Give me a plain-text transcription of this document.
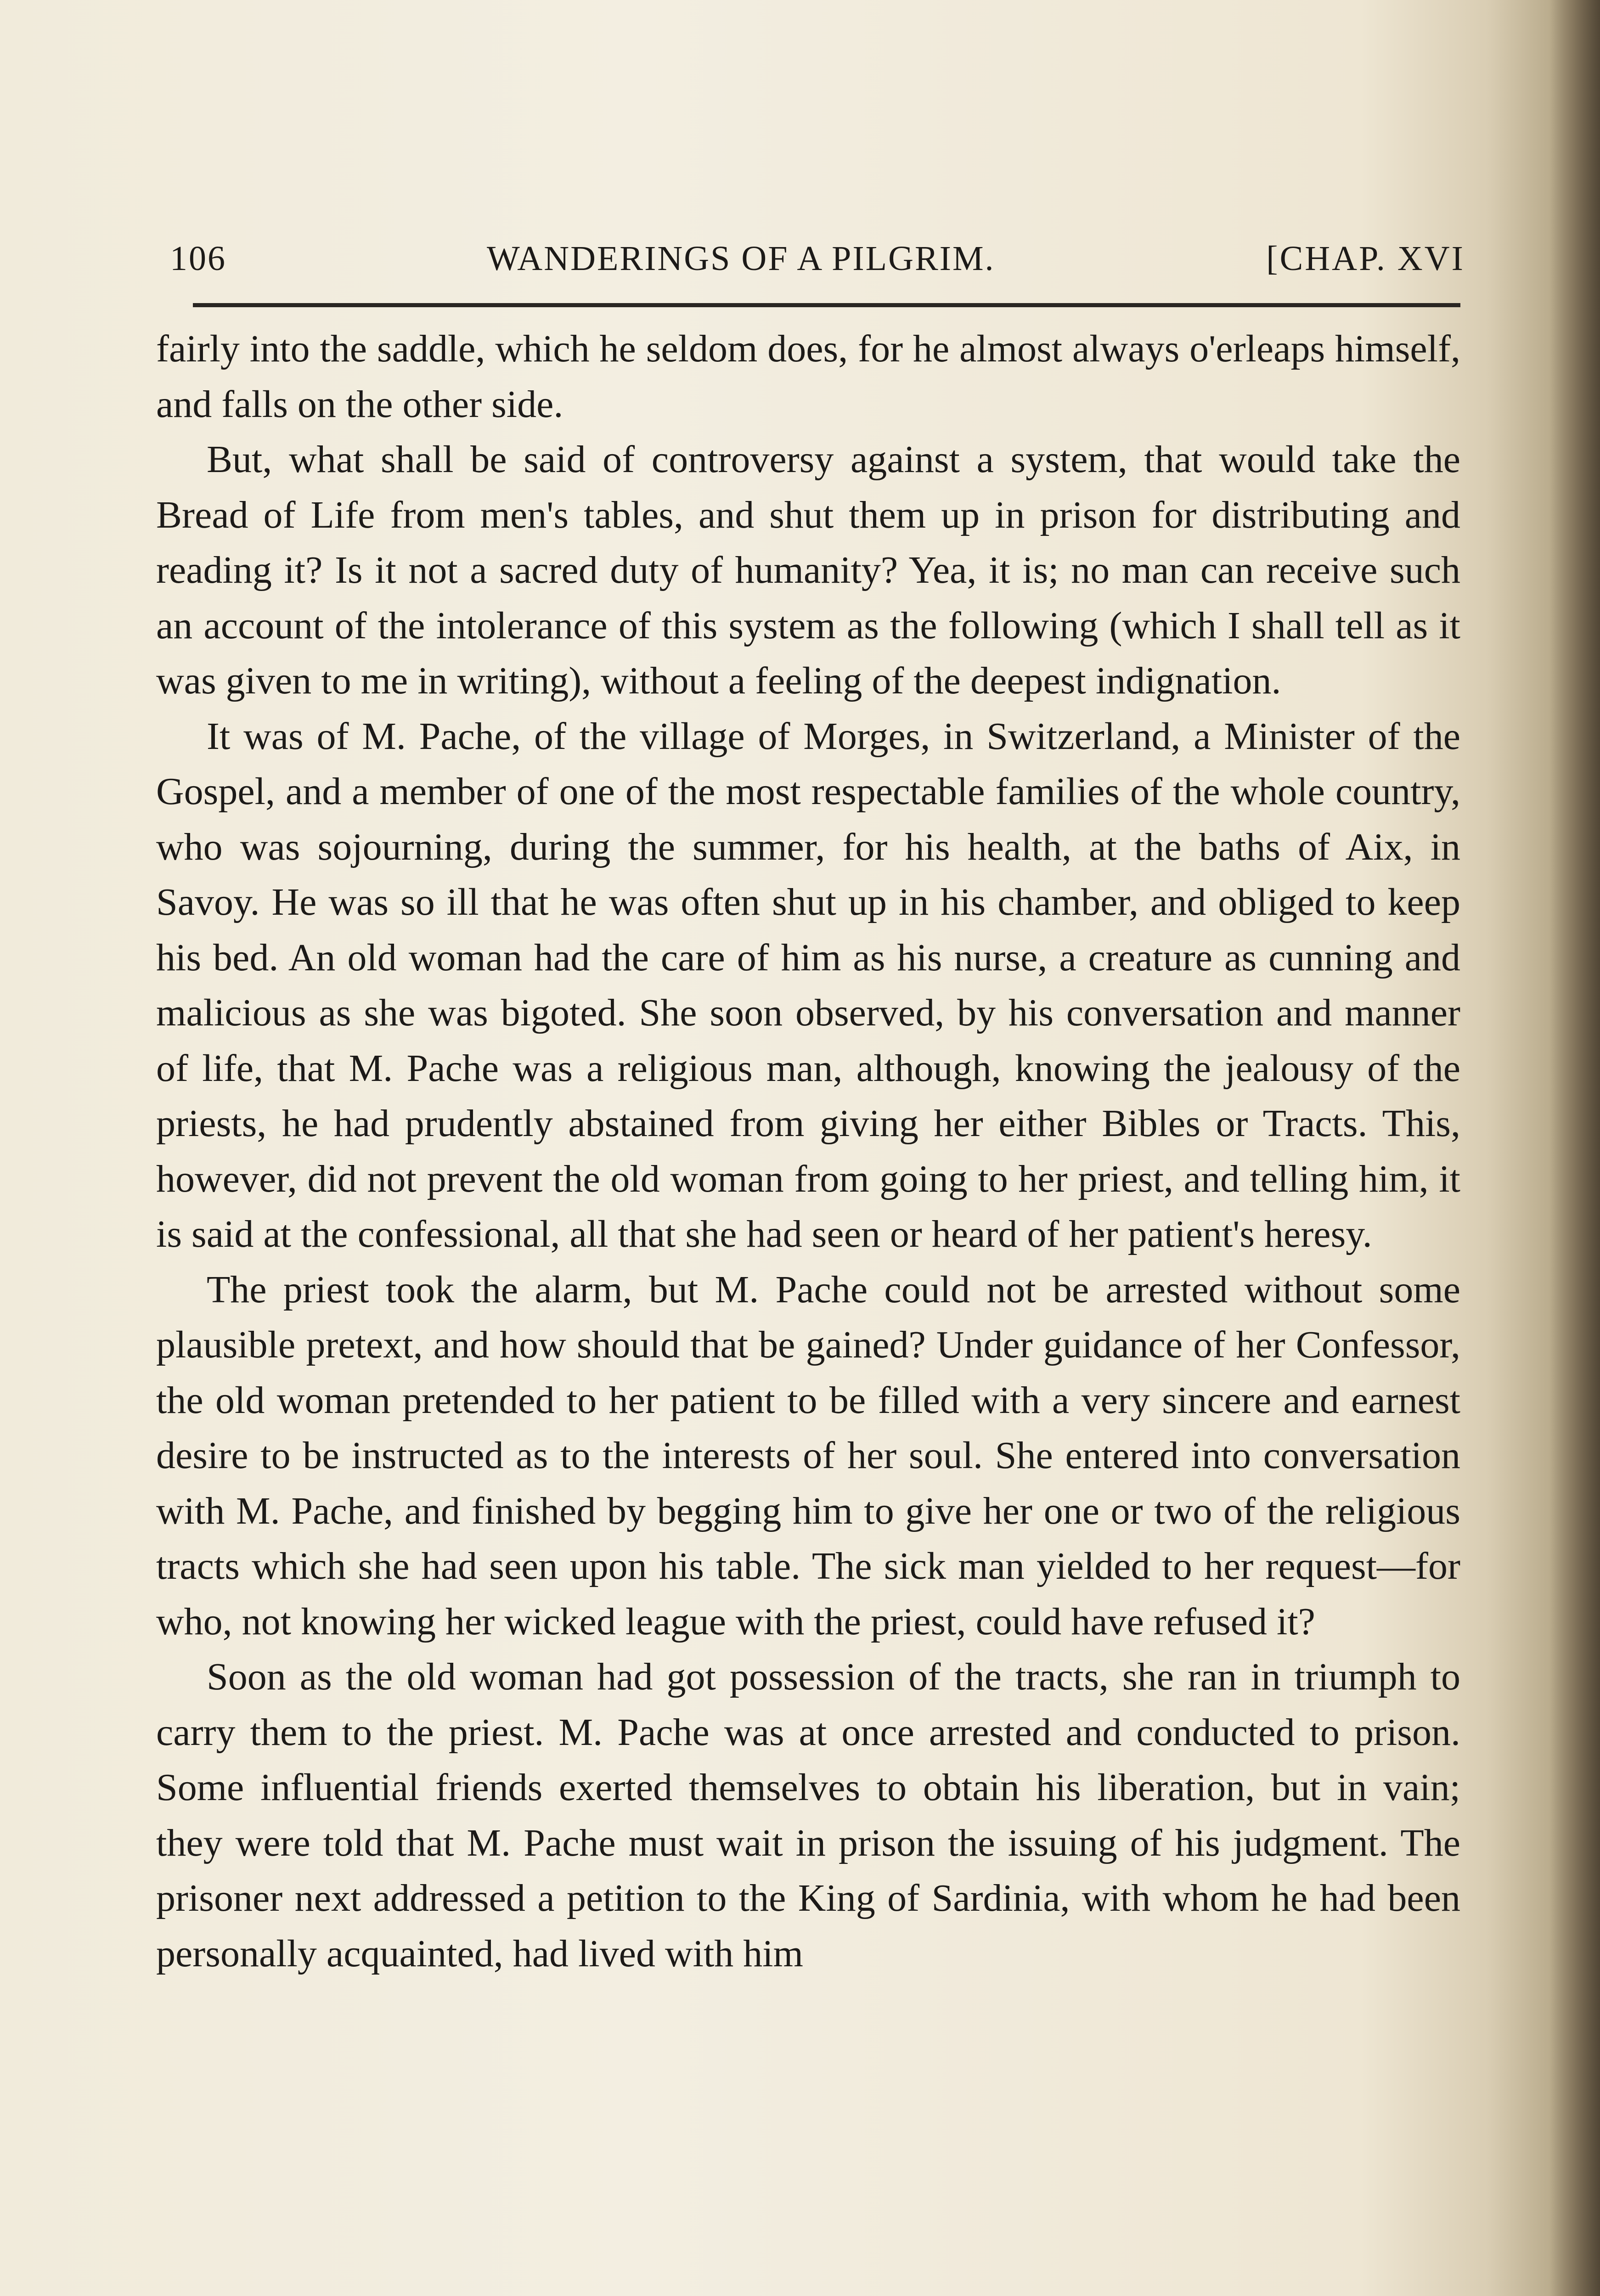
106	WANDERINGS OF A PILGRIM.	[CHAP. XVI

fairly into the saddle, which he seldom does, for he almost always o'erleaps himself, and falls on the other side.

But, what shall be said of controversy against a system, that would take the Bread of Life from men's tables, and shut them up in prison for distributing and reading it? Is it not a sacred duty of humanity? Yea, it is; no man can receive such an account of the intolerance of this system as the following (which I shall tell as it was given to me in writing), without a feeling of the deepest indignation.

It was of M. Pache, of the village of Morges, in Switzerland, a Minister of the Gospel, and a member of one of the most respectable families of the whole country, who was sojourning, during the summer, for his health, at the baths of Aix, in Savoy. He was so ill that he was often shut up in his chamber, and obliged to keep his bed. An old woman had the care of him as his nurse, a creature as cunning and malicious as she was bigoted. She soon observed, by his conversation and manner of life, that M. Pache was a religious man, although, knowing the jealousy of the priests, he had prudently abstained from giving her either Bibles or Tracts. This, however, did not prevent the old woman from going to her priest, and telling him, it is said at the confessional, all that she had seen or heard of her patient's heresy.

The priest took the alarm, but M. Pache could not be arrested without some plausible pretext, and how should that be gained? Under guidance of her Confessor, the old woman pretended to her patient to be filled with a very sincere and earnest desire to be instructed as to the interests of her soul. She entered into conversation with M. Pache, and finished by begging him to give her one or two of the religious tracts which she had seen upon his table. The sick man yielded to her request—for who, not knowing her wicked league with the priest, could have refused it?

Soon as the old woman had got possession of the tracts, she ran in triumph to carry them to the priest. M. Pache was at once arrested and conducted to prison. Some influential friends exerted themselves to obtain his liberation, but in vain; they were told that M. Pache must wait in prison the issuing of his judgment. The prisoner next addressed a petition to the King of Sardinia, with whom he had been personally acquainted, had lived with him
